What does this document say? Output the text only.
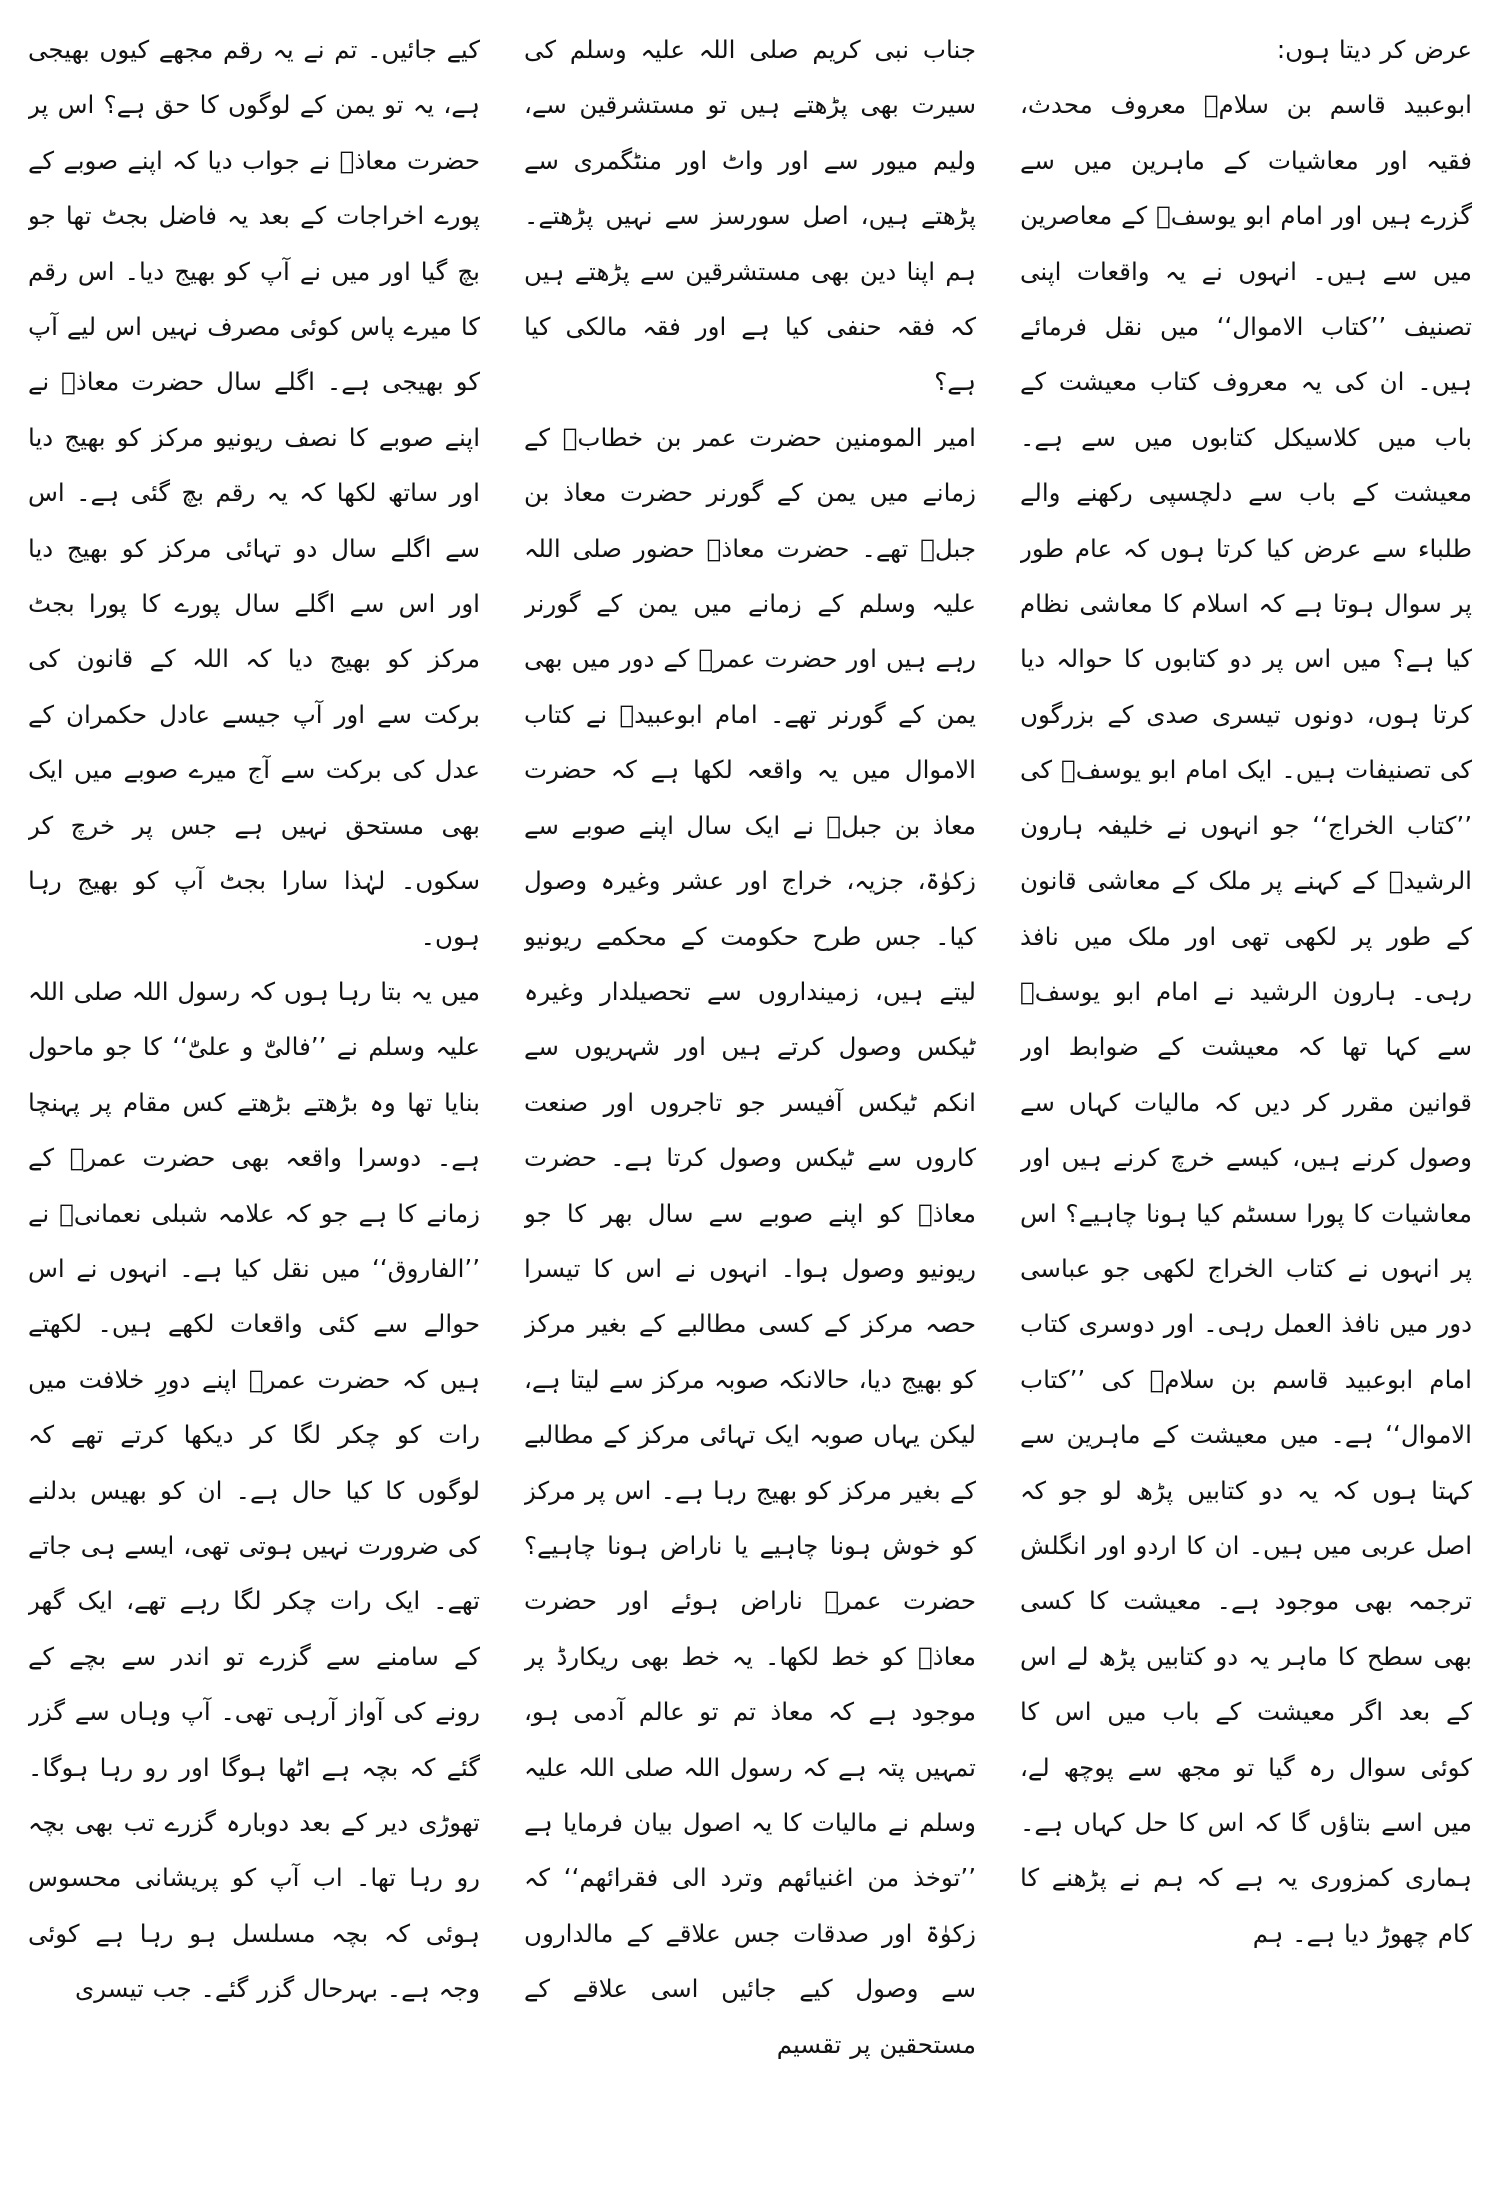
عرض کر دیتا ہوں:

ابوعبید قاسم بن سلامؒ معروف محدث، فقیہ اور معاشیات کے ماہرین میں سے گزرے ہیں اور امام ابو یوسفؒ کے معاصرین میں سے ہیں۔ انہوں نے یہ واقعات اپنی تصنیف ’’کتاب الاموال‘‘ میں نقل فرمائے ہیں۔ ان کی یہ معروف کتاب معیشت کے باب میں کلاسیکل کتابوں میں سے ہے۔ معیشت کے باب سے دلچسپی رکھنے والے طلباء سے عرض کیا کرتا ہوں کہ عام طور پر سوال ہوتا ہے کہ اسلام کا معاشی نظام کیا ہے؟ میں اس پر دو کتابوں کا حوالہ دیا کرتا ہوں، دونوں تیسری صدی کے بزرگوں کی تصنیفات ہیں۔ ایک امام ابو یوسفؒ کی ’’کتاب الخراج‘‘ جو انہوں نے خلیفہ ہارون الرشیدؒ کے کہنے پر ملک کے معاشی قانون کے طور پر لکھی تھی اور ملک میں نافذ رہی۔ ہارون الرشید نے امام ابو یوسفؒ سے کہا تھا کہ معیشت کے ضوابط اور قوانین مقرر کر دیں کہ مالیات کہاں سے وصول کرنے ہیں، کیسے خرچ کرنے ہیں اور معاشیات کا پورا سسٹم کیا ہونا چاہیے؟ اس پر انہوں نے کتاب الخراج لکھی جو عباسی دور میں نافذ العمل رہی۔ اور دوسری کتاب امام ابوعبید قاسم بن سلامؒ کی ’’کتاب الاموال‘‘ ہے۔ میں معیشت کے ماہرین سے کہتا ہوں کہ یہ دو کتابیں پڑھ لو جو کہ اصل عربی میں ہیں۔ ان کا اردو اور انگلش ترجمہ بھی موجود ہے۔ معیشت کا کسی بھی سطح کا ماہر یہ دو کتابیں پڑھ لے اس کے بعد اگر معیشت کے باب میں اس کا کوئی سوال رہ گیا تو مجھ سے پوچھ لے، میں اسے بتاؤں گا کہ اس کا حل کہاں ہے۔ ہماری کمزوری یہ ہے کہ ہم نے پڑھنے کا کام چھوڑ دیا ہے۔ ہم

جناب نبی کریم صلی اللہ علیہ وسلم کی سیرت بھی پڑھتے ہیں تو مستشرقین سے، ولیم میور سے اور واٹ اور منٹگمری سے پڑھتے ہیں، اصل سورسز سے نہیں پڑھتے۔ ہم اپنا دین بھی مستشرقین سے پڑھتے ہیں کہ فقہ حنفی کیا ہے اور فقہ مالکی کیا ہے؟

امیر المومنین حضرت عمر بن خطابؓ کے زمانے میں یمن کے گورنر حضرت معاذ بن جبلؓ تھے۔ حضرت معاذؓ حضور صلی اللہ علیہ وسلم کے زمانے میں یمن کے گورنر رہے ہیں اور حضرت عمرؓ کے دور میں بھی یمن کے گورنر تھے۔ امام ابوعبیدؒ نے کتاب الاموال میں یہ واقعہ لکھا ہے کہ حضرت معاذ بن جبلؓ نے ایک سال اپنے صوبے سے زکوٰۃ، جزیہ، خراج اور عشر وغیرہ وصول کیا۔ جس طرح حکومت کے محکمے ریونیو لیتے ہیں، زمینداروں سے تحصیلدار وغیرہ ٹیکس وصول کرتے ہیں اور شہریوں سے انکم ٹیکس آفیسر جو تاجروں اور صنعت کاروں سے ٹیکس وصول کرتا ہے۔ حضرت معاذؓ کو اپنے صوبے سے سال بھر کا جو ریونیو وصول ہوا۔ انہوں نے اس کا تیسرا حصہ مرکز کے کسی مطالبے کے بغیر مرکز کو بھیج دیا، حالانکہ صوبہ مرکز سے لیتا ہے، لیکن یہاں صوبہ ایک تہائی مرکز کے مطالبے کے بغیر مرکز کو بھیج رہا ہے۔ اس پر مرکز کو خوش ہونا چاہیے یا ناراض ہونا چاہیے؟ حضرت عمرؓ ناراض ہوئے اور حضرت معاذؓ کو خط لکھا۔ یہ خط بھی ریکارڈ پر موجود ہے کہ معاذ تم تو عالم آدمی ہو، تمہیں پتہ ہے کہ رسول اللہ صلی اللہ علیہ وسلم نے مالیات کا یہ اصول بیان فرمایا ہے ’’توخذ من اغنیائھم وترد الی فقرائھم‘‘ کہ زکوٰۃ اور صدقات جس علاقے کے مالداروں سے وصول کیے جائیں اسی علاقے کے مستحقین پر تقسیم

کیے جائیں۔ تم نے یہ رقم مجھے کیوں بھیجی ہے، یہ تو یمن کے لوگوں کا حق ہے؟ اس پر حضرت معاذؓ نے جواب دیا کہ اپنے صوبے کے پورے اخراجات کے بعد یہ فاضل بجٹ تھا جو بچ گیا اور میں نے آپ کو بھیج دیا۔ اس رقم کا میرے پاس کوئی مصرف نہیں اس لیے آپ کو بھیجی ہے۔ اگلے سال حضرت معاذؓ نے اپنے صوبے کا نصف ریونیو مرکز کو بھیج دیا اور ساتھ لکھا کہ یہ رقم بچ گئی ہے۔ اس سے اگلے سال دو تہائی مرکز کو بھیج دیا اور اس سے اگلے سال پورے کا پورا بجٹ مرکز کو بھیج دیا کہ اللہ کے قانون کی برکت سے اور آپ جیسے عادل حکمران کے عدل کی برکت سے آج میرے صوبے میں ایک بھی مستحق نہیں ہے جس پر خرچ کر سکوں۔ لہٰذا سارا بجٹ آپ کو بھیج رہا ہوں۔

میں یہ بتا رہا ہوں کہ رسول اللہ صلی اللہ علیہ وسلم نے ’’فالیّٰ و علیّٰ‘‘ کا جو ماحول بنایا تھا وہ بڑھتے بڑھتے کس مقام پر پہنچا ہے۔ دوسرا واقعہ بھی حضرت عمرؓ کے زمانے کا ہے جو کہ علامہ شبلی نعمانیؒ نے ’’الفاروق‘‘ میں نقل کیا ہے۔ انہوں نے اس حوالے سے کئی واقعات لکھے ہیں۔ لکھتے ہیں کہ حضرت عمرؓ اپنے دورِ خلافت میں رات کو چکر لگا کر دیکھا کرتے تھے کہ لوگوں کا کیا حال ہے۔ ان کو بھیس بدلنے کی ضرورت نہیں ہوتی تھی، ایسے ہی جاتے تھے۔ ایک رات چکر لگا رہے تھے، ایک گھر کے سامنے سے گزرے تو اندر سے بچے کے رونے کی آواز آرہی تھی۔ آپ وہاں سے گزر گئے کہ بچہ ہے اٹھا ہوگا اور رو رہا ہوگا۔ تھوڑی دیر کے بعد دوبارہ گزرے تب بھی بچہ رو رہا تھا۔ اب آپ کو پریشانی محسوس ہوئی کہ بچہ مسلسل ہو رہا ہے کوئی وجہ ہے۔ بہرحال گزر گئے۔ جب تیسری
